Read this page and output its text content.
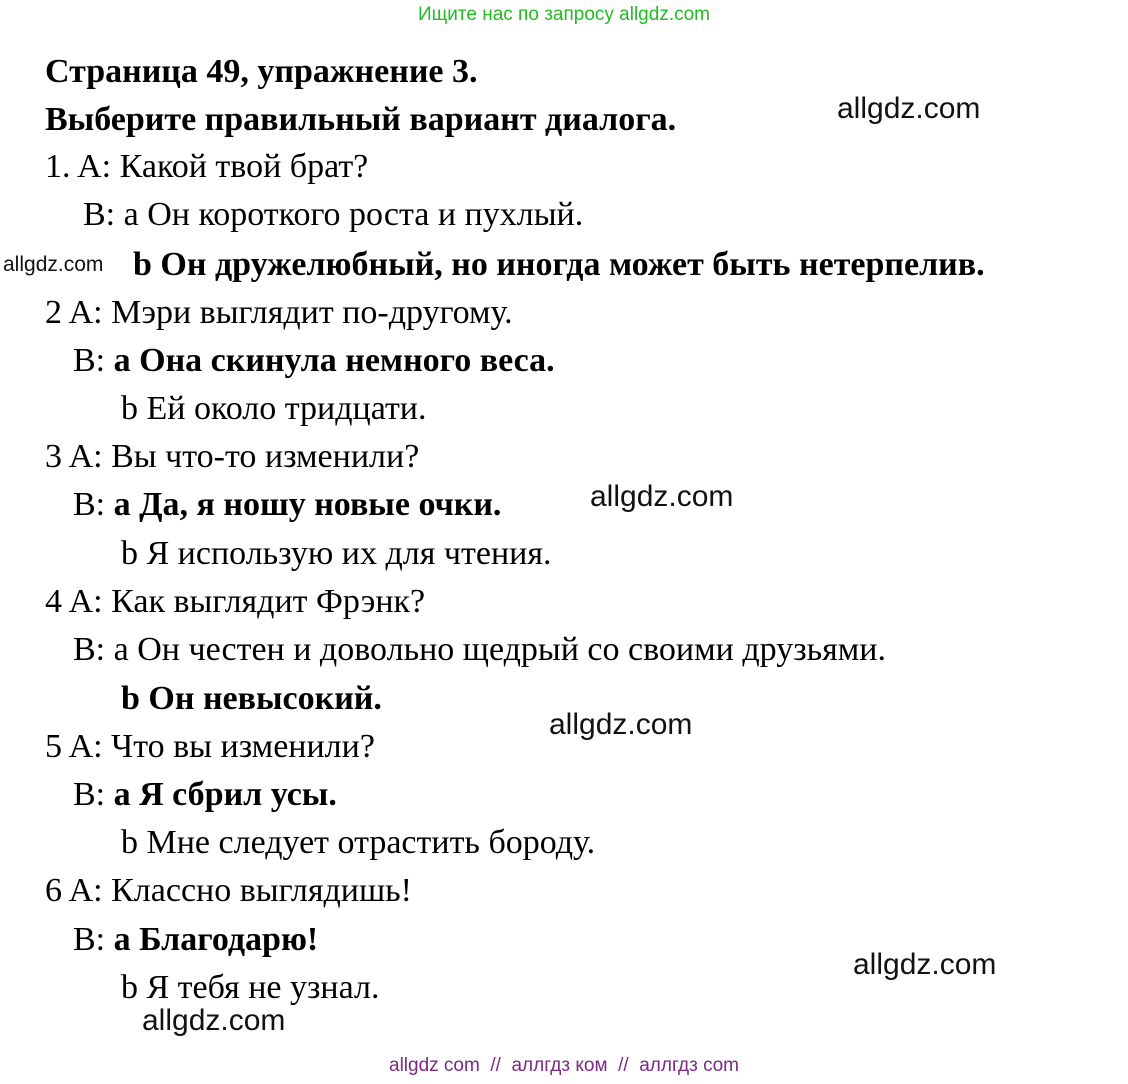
Ищите нас по запросу allgdz.com
Страница 49, упражнение 3.
Выберите правильный вариант диалога.
1. A: Какой твой брат?
B: a Он короткого роста и пухлый.
b Он дружелюбный, но иногда может быть нетерпелив.
2 A: Мэри выглядит по-другому.
B: a Она скинула немного веса.
b Ей около тридцати.
3 A: Вы что-то изменили?
B: a Да, я ношу новые очки.
b Я использую их для чтения.
4 A: Как выглядит Фрэнк?
B: a Он честен и довольно щедрый со своими друзьями.
b Он невысокий.
5 A: Что вы изменили?
B: a Я сбрил усы.
b Мне следует отрастить бороду.
6 A: Классно выглядишь!
B: a Благодарю!
b Я тебя не узнал.
allgdz.com
allgdz.com
allgdz.com
allgdz.com
allgdz.com
allgdz.com
allgdz com  //  аллгдз ком  //  аллгдз com
